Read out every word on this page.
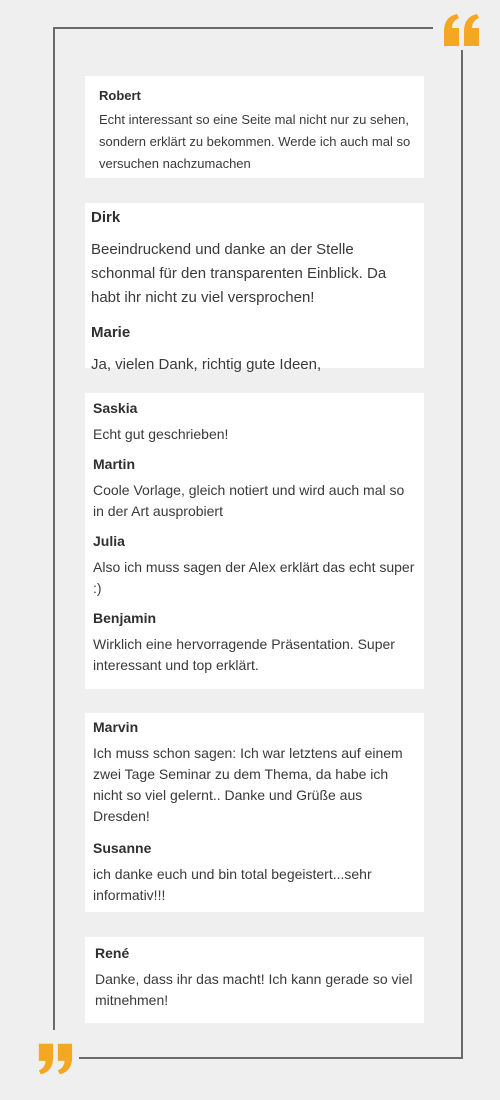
Robert
Echt interessant so eine Seite mal nicht nur zu sehen, sondern erklärt zu bekommen. Werde ich auch mal so versuchen nachzumachen
Dirk
Beeindruckend und danke an der Stelle schonmal für den transparenten Einblick. Da habt ihr nicht zu viel versprochen!
Marie
Ja, vielen Dank, richtig gute Ideen,
Saskia
Echt gut geschrieben!
Martin
Coole Vorlage, gleich notiert und wird auch mal so in der Art ausprobiert
Julia
Also ich muss sagen der Alex erklärt das echt super :)
Benjamin
Wirklich eine hervorragende Präsentation. Super interessant und top erklärt.
Marvin
Ich muss schon sagen: Ich war letztens auf einem zwei Tage Seminar zu dem Thema, da habe ich nicht so viel gelernt.. Danke und Grüße aus Dresden!
Susanne
ich danke euch und bin total begeistert...sehr informativ!!!
René
Danke, dass ihr das macht! Ich kann gerade so viel mitnehmen!
